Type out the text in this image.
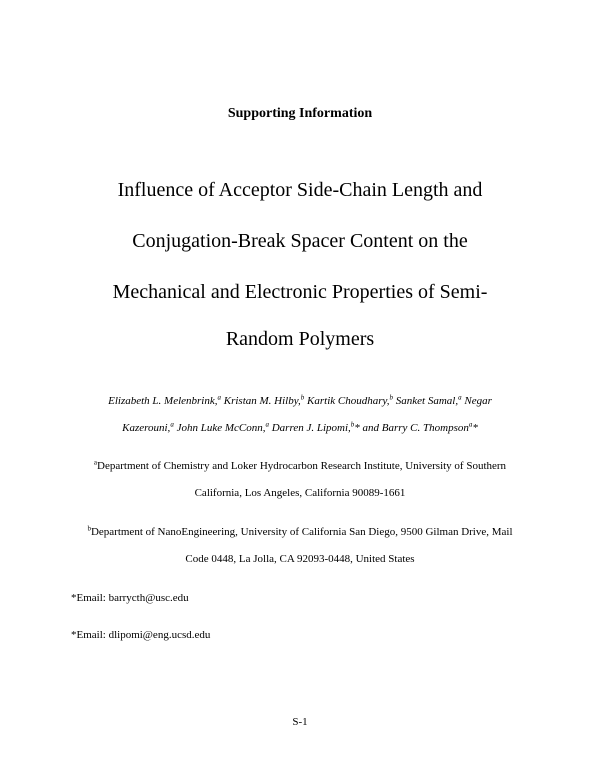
Supporting Information
Influence of Acceptor Side-Chain Length and
Conjugation-Break Spacer Content on the
Mechanical and Electronic Properties of Semi-
Random Polymers
Elizabeth L. Melenbrink,$^a$ Kristan M. Hilby,$^b$ Kartik Choudhary,$^b$ Sanket Samal,$^a$ Negar
Kazerouni,$^a$ John Luke McConn,$^a$ Darren J. Lipomi,$^b$* and Barry C. Thompson$^a$*
$^a$Department of Chemistry and Loker Hydrocarbon Research Institute, University of Southern
California, Los Angeles, California 90089-1661
$^b$Department of NanoEngineering, University of California San Diego, 9500 Gilman Drive, Mail
Code 0448, La Jolla, CA 92093-0448, United States
*Email: barrycth@usc.edu
*Email: dlipomi@eng.ucsd.edu
S-1
